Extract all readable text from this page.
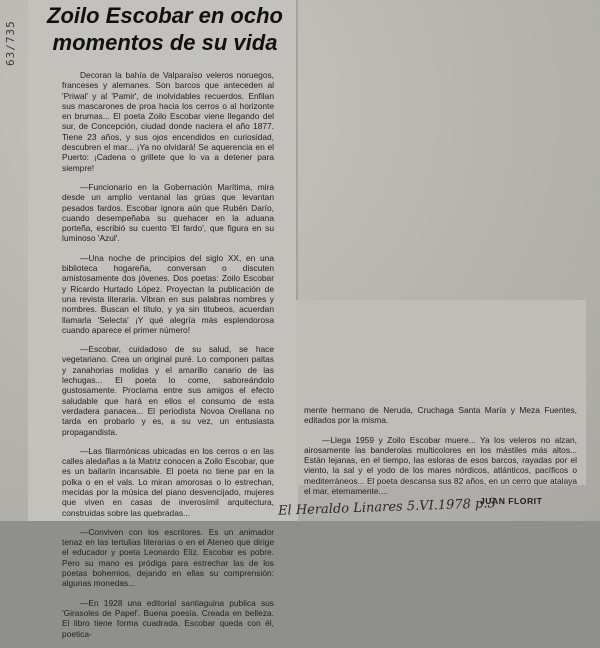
63/735
Zoilo Escobar en ocho
momentos de su vida

Decoran la bahía de Valparaíso veleros noruegos, franceses y alemanes. Son barcos que anteceden al 'Priwal' y al 'Pamir', de inolvidables recuerdos. Enfilan sus mascarones de proa hacia los cerros o al horizonte en brumas... El poeta Zoilo Escobar viene llegando del sur, de Concepción, ciudad donde naciera el año 1877. Tiene 23 años, y sus ojos encendidos en curiosidad, descubren el mar... ¡Ya no olvidará! Se aquerencia en el Puerto: ¡Cadena o grillete que lo va a detener para siempre!

—Funcionario en la Gobernación Marítima, mira desde un amplio ventanal las grúas que levantan pesados fardos. Escobar ignora aún que Rubén Darío, cuando desempeñaba su quehacer en la aduana porteña, escribió su cuento 'El fardo', que figura en su luminoso 'Azul'.

—Una noche de principios del siglo XX, en una biblioteca hogareña, conversan o discuten amistosamente dos jóvenes. Dos poetas: Zoilo Escobar y Ricardo Hurtado López. Proyectan la publicación de una revista literaria. Vibran en sus palabras nombres y nombres. Buscan el título, y ya sin titubeos, acuerdan llamarla 'Selecta' ¡Y qué alegría más esplendorosa cuando aparece el primer número!

—Escobar, cuidadoso de su salud, se hace vegetariano. Crea un original puré. Lo componen paltas y zanahorias molidas y el amarillo canario de las lechugas... El poeta lo come, saboreándolo gustosamente. Proclama entre sus amigos el efecto saludable que hará en ellos el consumo de esta verdadera panacea... El periodista Novoa Orellana no tarda en probarlo y es, a su vez, un entusiasta propagandista.

—Las filarmónicas ubicadas en los cerros o en las calles aledañas a la Matriz conocen a Zoilo Escobar, que es un bailarín incansable. El poeta no tiene par en la polka o en el vals. Lo miran amorosas o lo estrechan, mecidas por la música del piano desvencijado, mujeres que viven en casas de inverosímil arquitectura, construidas sobre las quebradas...

—Conviven con los escritores. Es un animador tenaz en las tertulias literarias o en el Ateneo que dirige el educador y poeta Leonardo Eliz. Escobar es pobre. Pero su mano es pródiga para estrechar las de los poetas bohemios, dejando en ellas su comprensión: algunas monedas...

—En 1928 una editorial santiaguina publica sus 'Girasoles de Papel'. Buena poesía. Creada en belleza. El libro tiene forma cuadrada. Escobar queda con él, poetica-

mente hermano de Neruda, Cruchaga Santa María y Meza Fuentes, editados por la misma.

—Llega 1959 y Zoilo Escobar muere... Ya los veleros no alzan, airosamente las banderolas multicolores en los mástiles más altos... Están lejanas, en el tiempo, las esloras de esos barcos, rayadas por el viento, la sal y el yodo de los mares nórdicos, atlánticos, pacíficos o mediterráneos... El poeta descansa sus 82 años, en un cerro que atalaya el mar, eternamente....

JUAN FLORIT
El Heraldo Linares 5.VI.1978 p.3
